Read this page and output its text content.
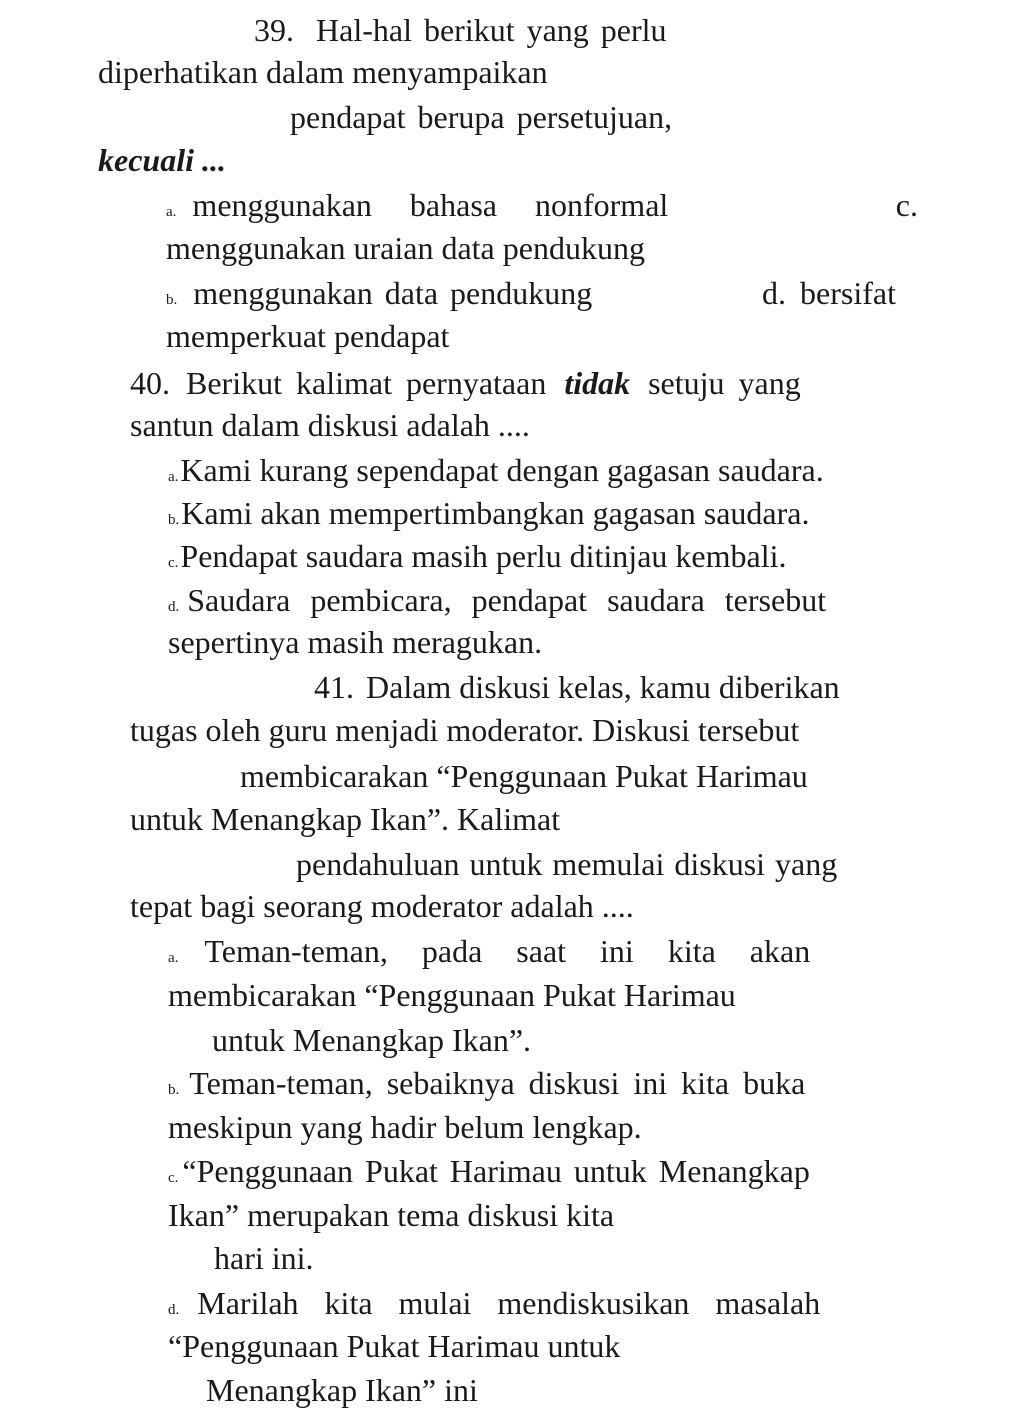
39. Hal-hal berikut yang perlu
diperhatikan dalam menyampaikan
pendapat berupa persetujuan,
kecuali ...
a. menggunakan bahasa nonformal	c.
menggunakan uraian data pendukung
b. menggunakan data pendukung	d. bersifat
memperkuat pendapat
40. Berikut kalimat pernyataan tidak setuju yang
santun dalam diskusi adalah ....
a.Kami kurang sependapat dengan gagasan saudara.
b.Kami akan mempertimbangkan gagasan saudara.
c.Pendapat saudara masih perlu ditinjau kembali.
d. Saudara pembicara, pendapat saudara tersebut
sepertinya masih meragukan.
41. Dalam diskusi kelas, kamu diberikan
tugas oleh guru menjadi moderator. Diskusi tersebut
membicarakan “Penggunaan Pukat Harimau
untuk Menangkap Ikan”. Kalimat
pendahuluan untuk memulai diskusi yang
tepat bagi seorang moderator adalah ....
a. Teman-teman, pada saat ini kita akan
membicarakan “Penggunaan Pukat Harimau
untuk Menangkap Ikan”.
b. Teman-teman, sebaiknya diskusi ini kita buka
meskipun yang hadir belum lengkap.
c. “Penggunaan Pukat Harimau untuk Menangkap
Ikan” merupakan tema diskusi kita
hari ini.
d. Marilah kita mulai mendiskusikan masalah
“Penggunaan Pukat Harimau untuk
Menangkap Ikan” ini
